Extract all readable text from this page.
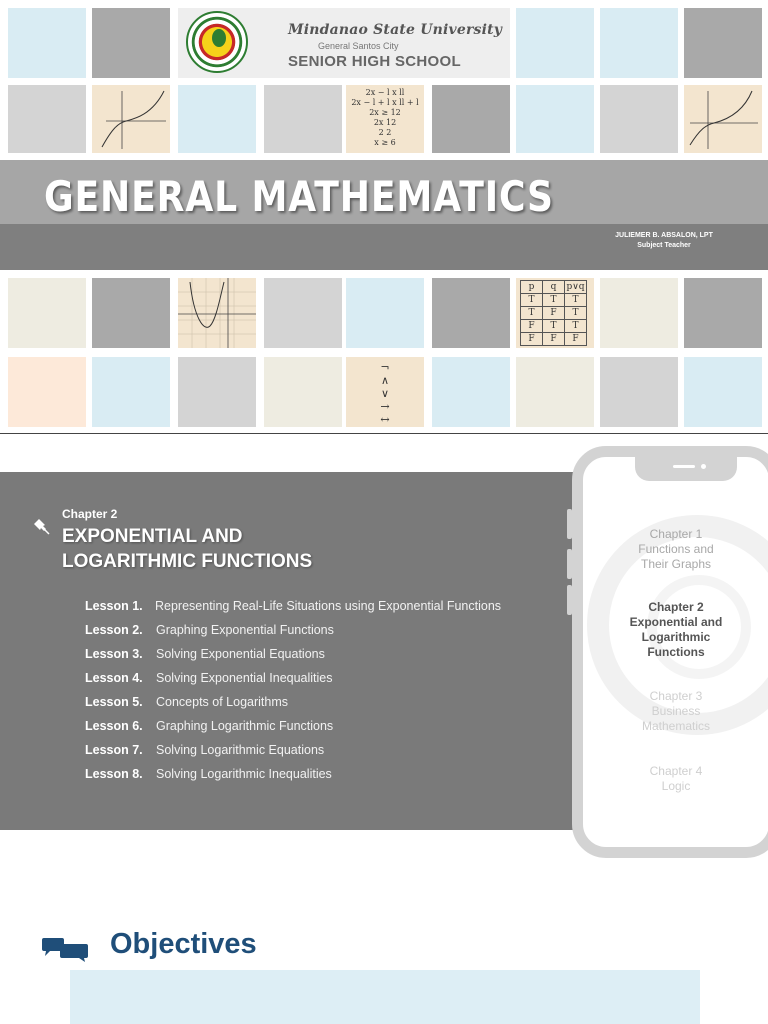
Mindanao State University
General Santos City
SENIOR HIGH SCHOOL
2x − l x ll
2x − l + l x ll + l
2x ≥ 12
2x 12
2 2
x ≥ 6
GENERAL MATHEMATICS
JULIEMER B. ABSALON, LPT
Subject Teacher
p	q	p∨q
T	T	T
T	F	T
F	T	T
F	F	F
¬
∧
∨
→
↔
Chapter 2
EXPONENTIAL AND
LOGARITHMIC FUNCTIONS
Lesson 1. Representing Real-Life Situations using Exponential Functions
Lesson 2. Graphing Exponential Functions
Lesson 3. Solving Exponential Equations
Lesson 4. Solving Exponential Inequalities
Lesson 5. Concepts of Logarithms
Lesson 6. Graphing Logarithmic Functions
Lesson 7. Solving Logarithmic Equations
Lesson 8. Solving Logarithmic Inequalities
Chapter 1
Functions and
Their Graphs
Chapter 2
Exponential and
Logarithmic
Functions
Chapter 3
Business
Mathematics
Chapter 4
Logic
Objectives
